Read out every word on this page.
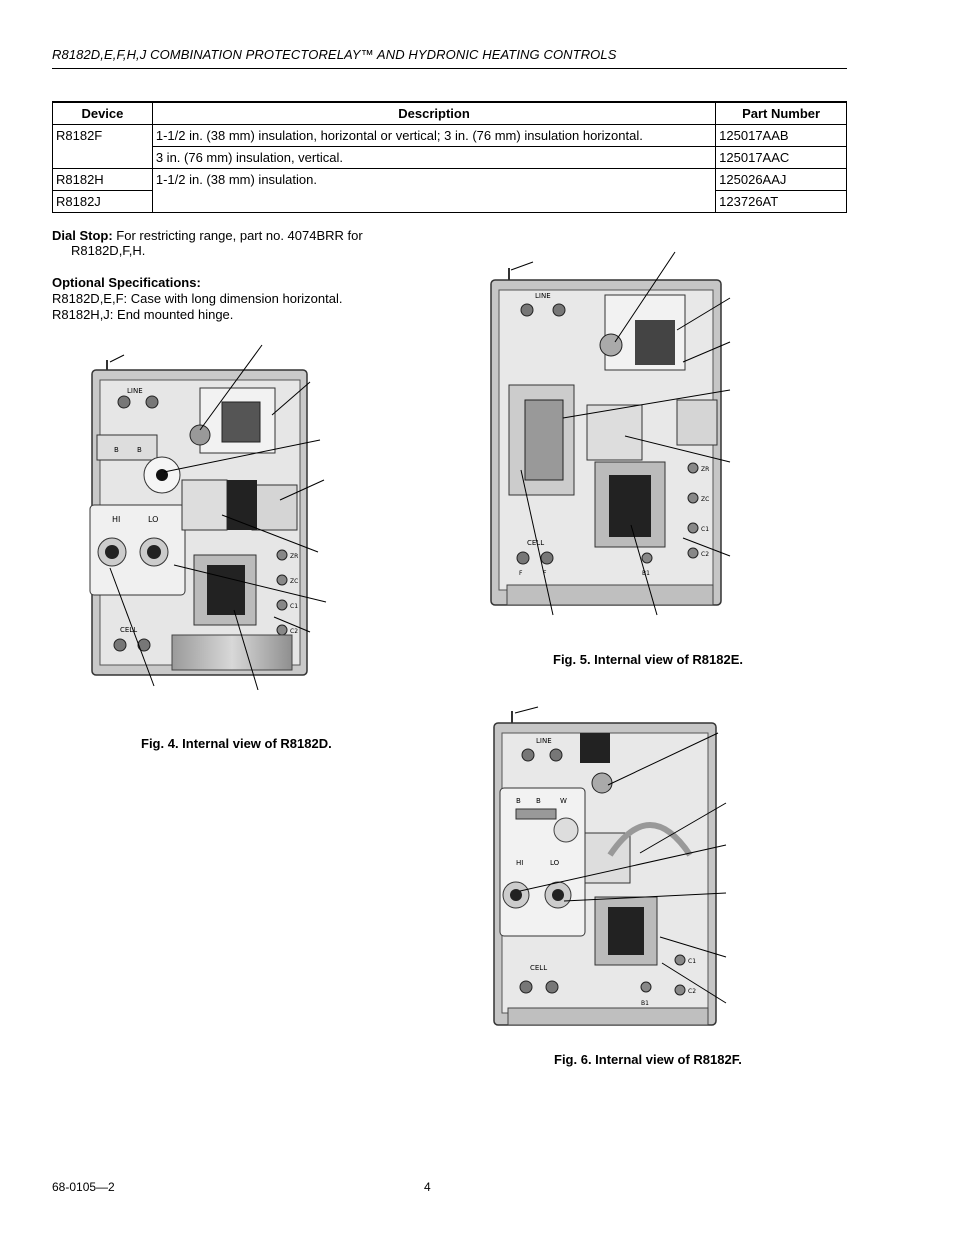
R8182D,E,F,H,J COMBINATION PROTECTORELAY™ AND HYDRONIC HEATING CONTROLS
Device	Description	Part Number
R8182F	1-1/2 in. (38 mm) insulation, horizontal or vertical; 3 in. (76 mm) insulation horizontal.	125017AAB
	3 in. (76 mm) insulation, vertical.	125017AAC
R8182H	1-1/2 in. (38 mm) insulation.	125026AAJ
R8182J		123726AT
Dial Stop: For restricting range, part no. 4074BRR for
R8182D,F,H.
Optional Specifications:
R8182D,E,F: Case with long dimension horizontal.
R8182H,J: End mounted hinge.
LINE
B	B
HI	LO
ZR
ZC
C1
C2
CELL
Fig. 4. Internal view of R8182D.
LINE
ZR
ZC
C1
C2
CELL
F	F	B1
Fig. 5. Internal view of R8182E.
LINE
B B	W
HI	LO
C1
C2
CELL
B1
Fig. 6. Internal view of R8182F.
68-0105—2	4
